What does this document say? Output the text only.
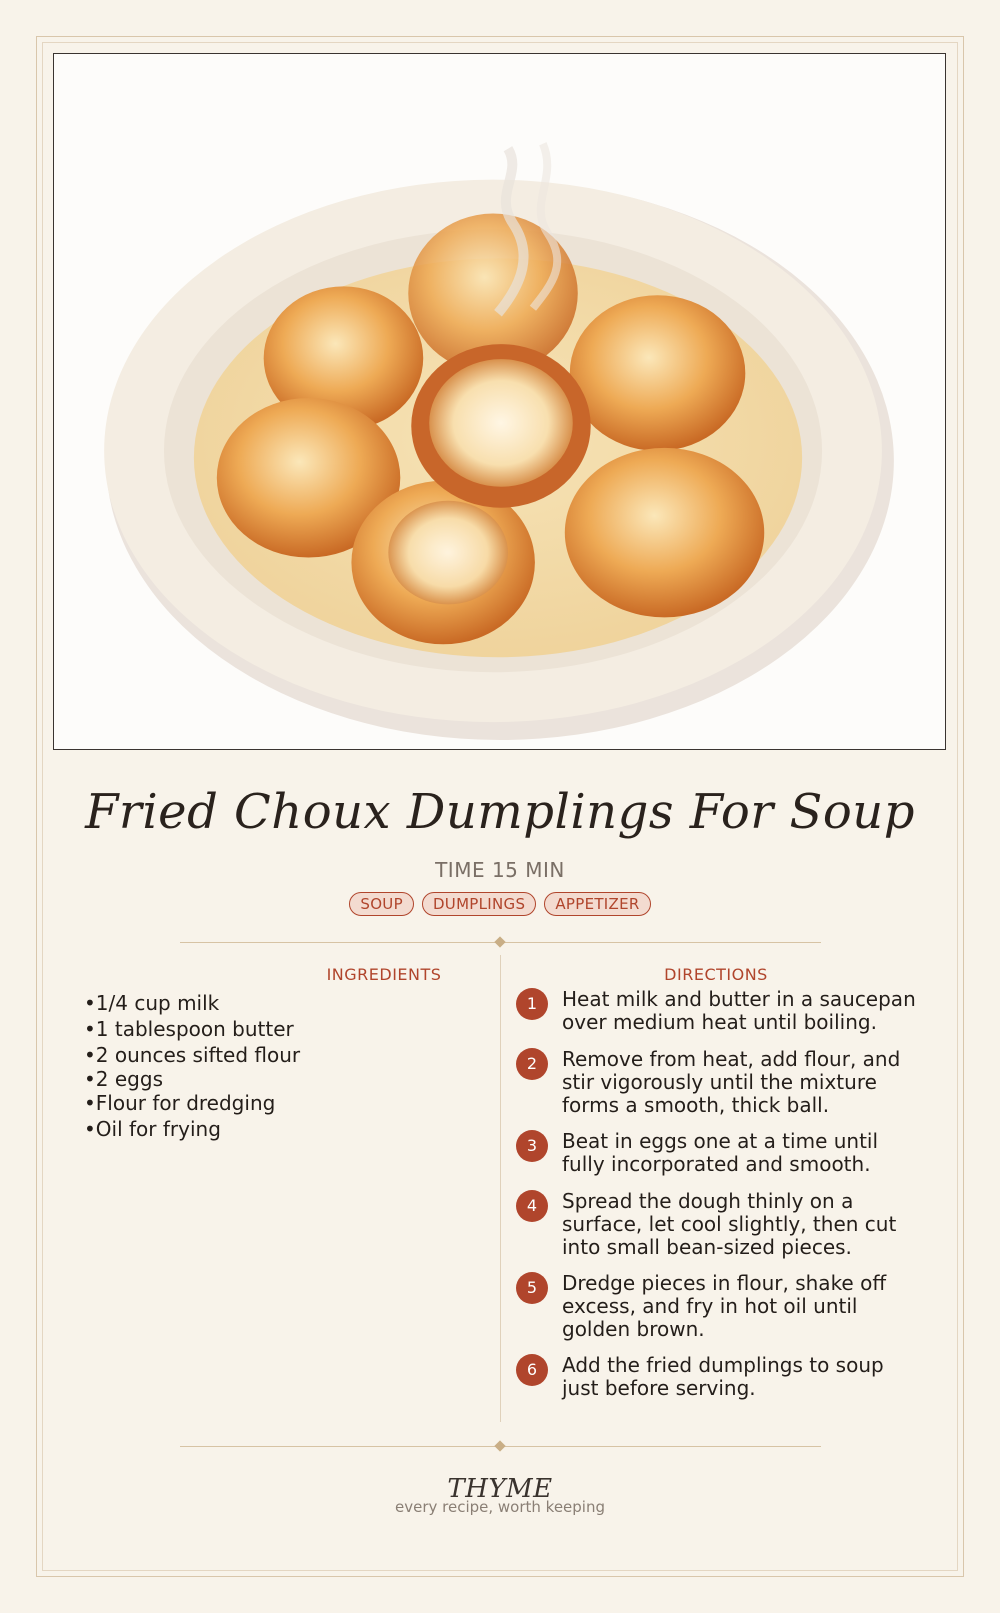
Fried Choux Dumplings For Soup
TIME 15 MIN
SOUP	DUMPLINGS	APPETIZER
INGREDIENTS
• 1/4 cup milk
• 1 tablespoon butter
• 2 ounces sifted flour
• 2 eggs
• Flour for dredging
• Oil for frying
DIRECTIONS
1	Heat milk and butter in a saucepan over medium heat until boiling.
2	Remove from heat, add flour, and stir vigorously until the mixture forms a smooth, thick ball.
3	Beat in eggs one at a time until fully incorporated and smooth.
4	Spread the dough thinly on a surface, let cool slightly, then cut into small bean-sized pieces.
5	Dredge pieces in flour, shake off excess, and fry in hot oil until golden brown.
6	Add the fried dumplings to soup just before serving.
THYME
every recipe, worth keeping
